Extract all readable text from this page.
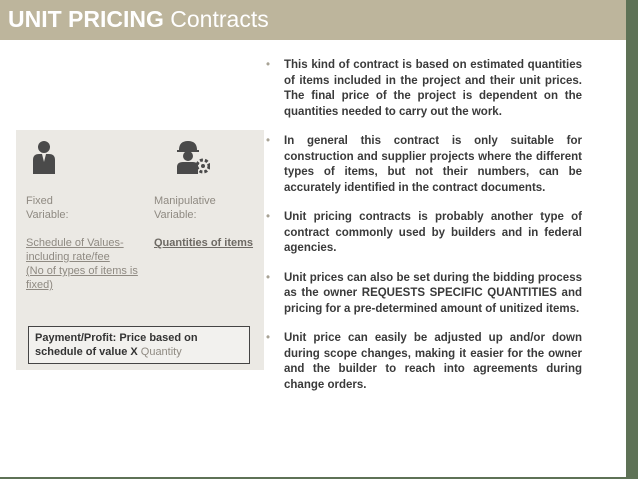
UNIT PRICING Contracts
Fixed
Variable:
Manipulative
Variable:
Schedule of Values-
including rate/fee
(No of types of items is
fixed)
Quantities of items
Payment/Profit: Price based on
schedule of value X Quantity
• This kind of contract is based on estimated quantities of items included in the project and their unit prices. The final price of the project is dependent on the quantities needed to carry out the work.
• In general this contract is only suitable for construction and supplier projects where the different types of items, but not their numbers, can be accurately identified in the contract documents.
• Unit pricing contracts is probably another type of contract commonly used by builders and in federal agencies.
• Unit prices can also be set during the bidding process as the owner REQUESTS SPECIFIC QUANTITIES and pricing for a pre-determined amount of unitized items.
• Unit price can easily be adjusted up and/or down during scope changes, making it easier for the owner and the builder to reach into agreements during change orders.
